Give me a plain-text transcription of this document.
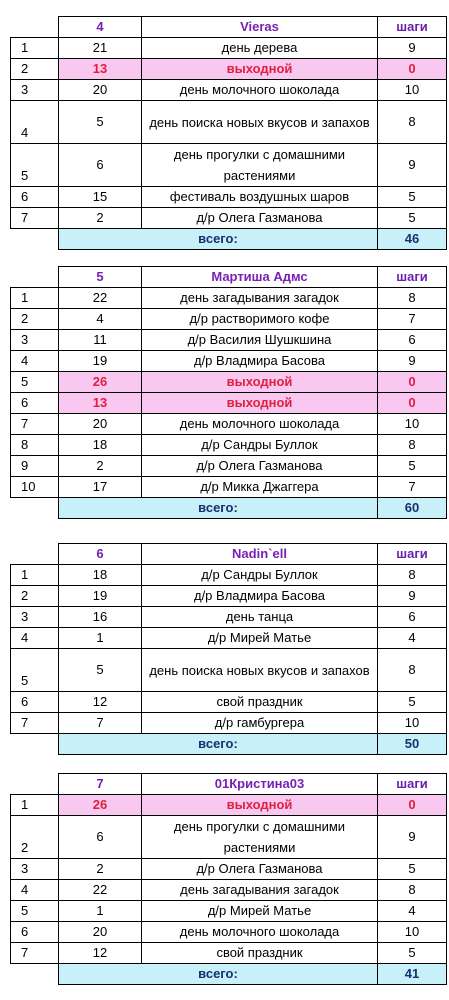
	4	Vieras	шаги
1	21	день дерева	9
2	13	выходной	0
3	20	день молочного шоколада	10
4	5	день поиска новых вкусов и запахов	8
5	6	день прогулки с домашними растениями	9
6	15	фестиваль воздушных шаров	5
7	2	д/р Олега Газманова	5
	всего:		46
	5	Мартиша Адмс	шаги
1	22	день загадывания загадок	8
2	4	д/р растворимого кофе	7
3	11	д/р Василия Шушкшина	6
4	19	д/р Владмира Басова	9
5	26	выходной	0
6	13	выходной	0
7	20	день молочного шоколада	10
8	18	д/р Сандры Буллок	8
9	2	д/р Олега Газманова	5
10	17	д/р Микка Джаггера	7
	всего:		60
	6	Nadin`ell	шаги
1	18	д/р Сандры Буллок	8
2	19	д/р Владмира Басова	9
3	16	день танца	6
4	1	д/р Мирей Матье	4
5	5	день поиска новых вкусов и запахов	8
6	12	свой праздник	5
7	7	д/р гамбургера	10
	всего:		50
	7	01Кристина03	шаги
1	26	выходной	0
2	6	день прогулки с домашними растениями	9
3	2	д/р Олега Газманова	5
4	22	день загадывания загадок	8
5	1	д/р Мирей Матье	4
6	20	день молочного шоколада	10
7	12	свой праздник	5
	всего:		41
